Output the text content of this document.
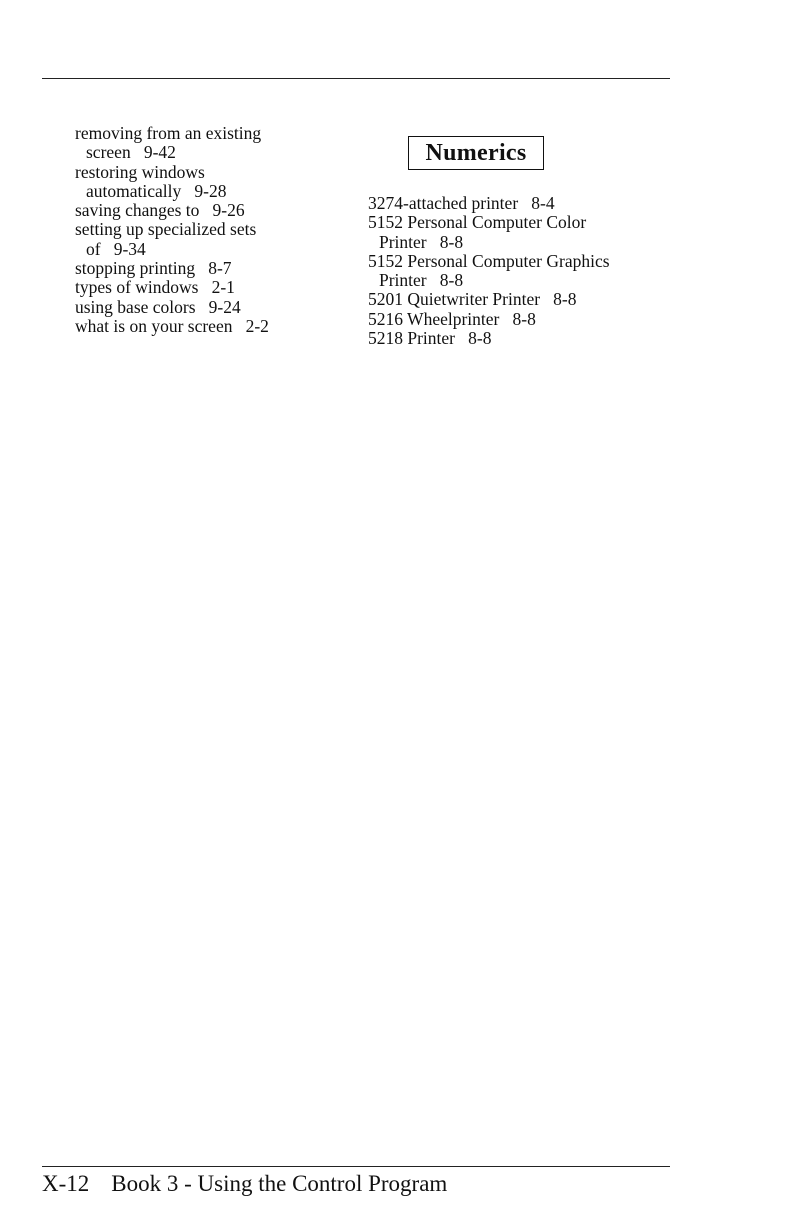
removing from an existing
screen   9-42
restoring windows
automatically   9-28
saving changes to   9-26
setting up specialized sets
of   9-34
stopping printing   8-7
types of windows   2-1
using base colors   9-24
what is on your screen   2-2
Numerics
3274-attached printer   8-4
5152 Personal Computer Color
Printer   8-8
5152 Personal Computer Graphics
Printer   8-8
5201 Quietwriter Printer   8-8
5216 Wheelprinter   8-8
5218 Printer   8-8
X-12 Book 3 - Using the Control Program
